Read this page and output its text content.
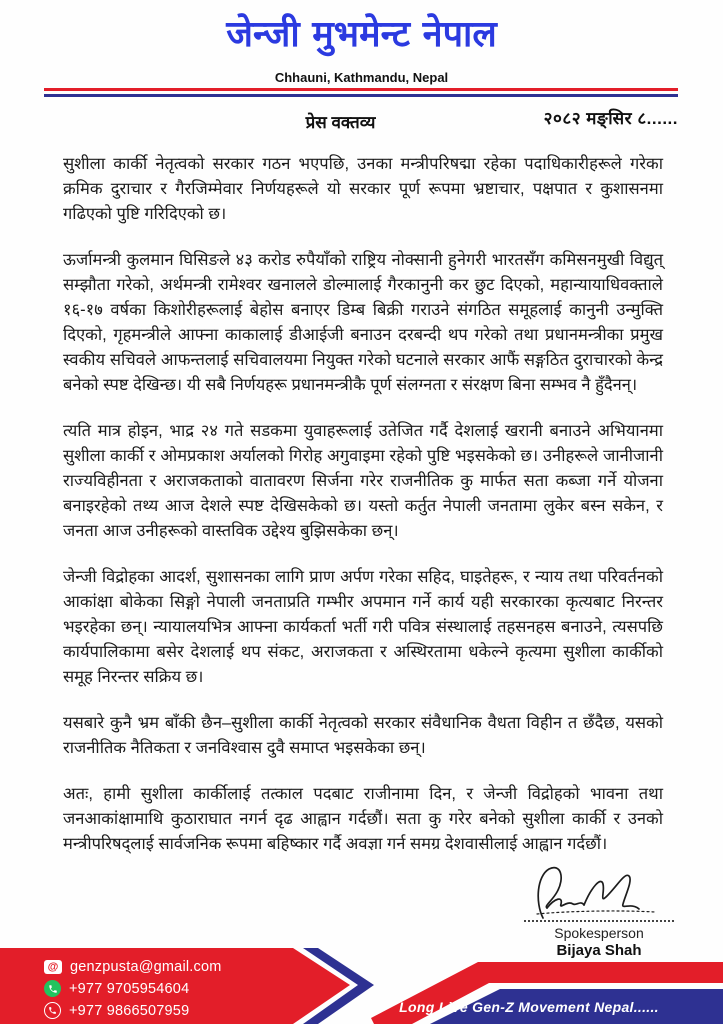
जेन्जी मुभमेन्ट नेपाल
Chhauni, Kathmandu, Nepal
प्रेस वक्तव्य	२०८२ मङ्सिर ८......

सुशीला कार्की नेतृत्वको सरकार गठन भएपछि, उनका मन्त्रीपरिषद्मा रहेका पदाधिकारीहरूले गरेका क्रमिक दुराचार र गैरजिम्मेवार निर्णयहरूले यो सरकार पूर्ण रूपमा भ्रष्टाचार, पक्षपात र कुशासनमा गढिएको पुष्टि गरिदिएको छ।

ऊर्जामन्त्री कुलमान घिसिङले ४३ करोड रुपैयाँको राष्ट्रिय नोक्सानी हुनेगरी भारतसँग कमिसनमुखी विद्युत् सम्झौता गरेको, अर्थमन्त्री रामेश्वर खनालले डोल्मालाई गैरकानुनी कर छुट दिएको, महान्यायाधिवक्ताले १६-१७ वर्षका किशोरीहरूलाई बेहोस बनाएर डिम्ब बिक्री गराउने संगठित समूहलाई कानुनी उन्मुक्ति दिएको, गृहमन्त्रीले आफ्ना काकालाई डीआईजी बनाउन दरबन्दी थप गरेको तथा प्रधानमन्त्रीका प्रमुख स्वकीय सचिवले आफन्तलाई सचिवालयमा नियुक्त गरेको घटनाले सरकार आफैं सङ्गठित दुराचारको केन्द्र बनेको स्पष्ट देखिन्छ। यी सबै निर्णयहरू प्रधानमन्त्रीकै पूर्ण संलग्नता र संरक्षण बिना सम्भव नै हुँदैनन्।

त्यति मात्र होइन, भाद्र २४ गते सडकमा युवाहरूलाई उतेजित गर्दै देशलाई खरानी बनाउने अभियानमा सुशीला कार्की र ओमप्रकाश अर्यालको गिरोह अगुवाइमा रहेको पुष्टि भइसकेको छ। उनीहरूले जानीजानी राज्यविहीनता र अराजकताको वातावरण सिर्जना गरेर राजनीतिक कु मार्फत सता कब्जा गर्ने योजना बनाइरहेको तथ्य आज देशले स्पष्ट देखिसकेको छ। यस्तो कर्तुत नेपाली जनतामा लुकेर बस्न सकेन, र जनता आज उनीहरूको वास्तविक उद्देश्य बुझिसकेका छन्।

जेन्जी विद्रोहका आदर्श, सुशासनका लागि प्राण अर्पण गरेका सहिद, घाइतेहरू, र न्याय तथा परिवर्तनको आकांक्षा बोकेका सिङ्गो नेपाली जनताप्रति गम्भीर अपमान गर्ने कार्य यही सरकारका कृत्यबाट निरन्तर भइरहेका छन्। न्यायालयभित्र आफ्ना कार्यकर्ता भर्ती गरी पवित्र संस्थालाई तहसनहस बनाउने, त्यसपछि कार्यपालिकामा बसेर देशलाई थप संकट, अराजकता र अस्थिरतामा धकेल्ने कृत्यमा सुशीला कार्कीको समूह निरन्तर सक्रिय छ।

यसबारे कुनै भ्रम बाँकी छैन–सुशीला कार्की नेतृत्वको सरकार संवैधानिक वैधता विहीन त छँदैछ, यसको राजनीतिक नैतिकता र जनविश्वास दुवै समाप्त भइसकेका छन्।

अतः, हामी सुशीला कार्कीलाई तत्काल पदबाट राजीनामा दिन, र जेन्जी विद्रोहको भावना तथा जनआकांक्षामाथि कुठाराघात नगर्न दृढ आह्वान गर्दछौं। सता कु गरेर बनेको सुशीला कार्की र उनको मन्त्रीपरिषद्लाई सार्वजनिक रूपमा बहिष्कार गर्दै अवज्ञा गर्न समग्र देशवासीलाई आह्वान गर्दछौं।

Spokesperson
Bijaya Shah
@ genzpusta@gmail.com
+977 9705954604
+977 9866507959	Long Live Gen-Z Movement Nepal......
